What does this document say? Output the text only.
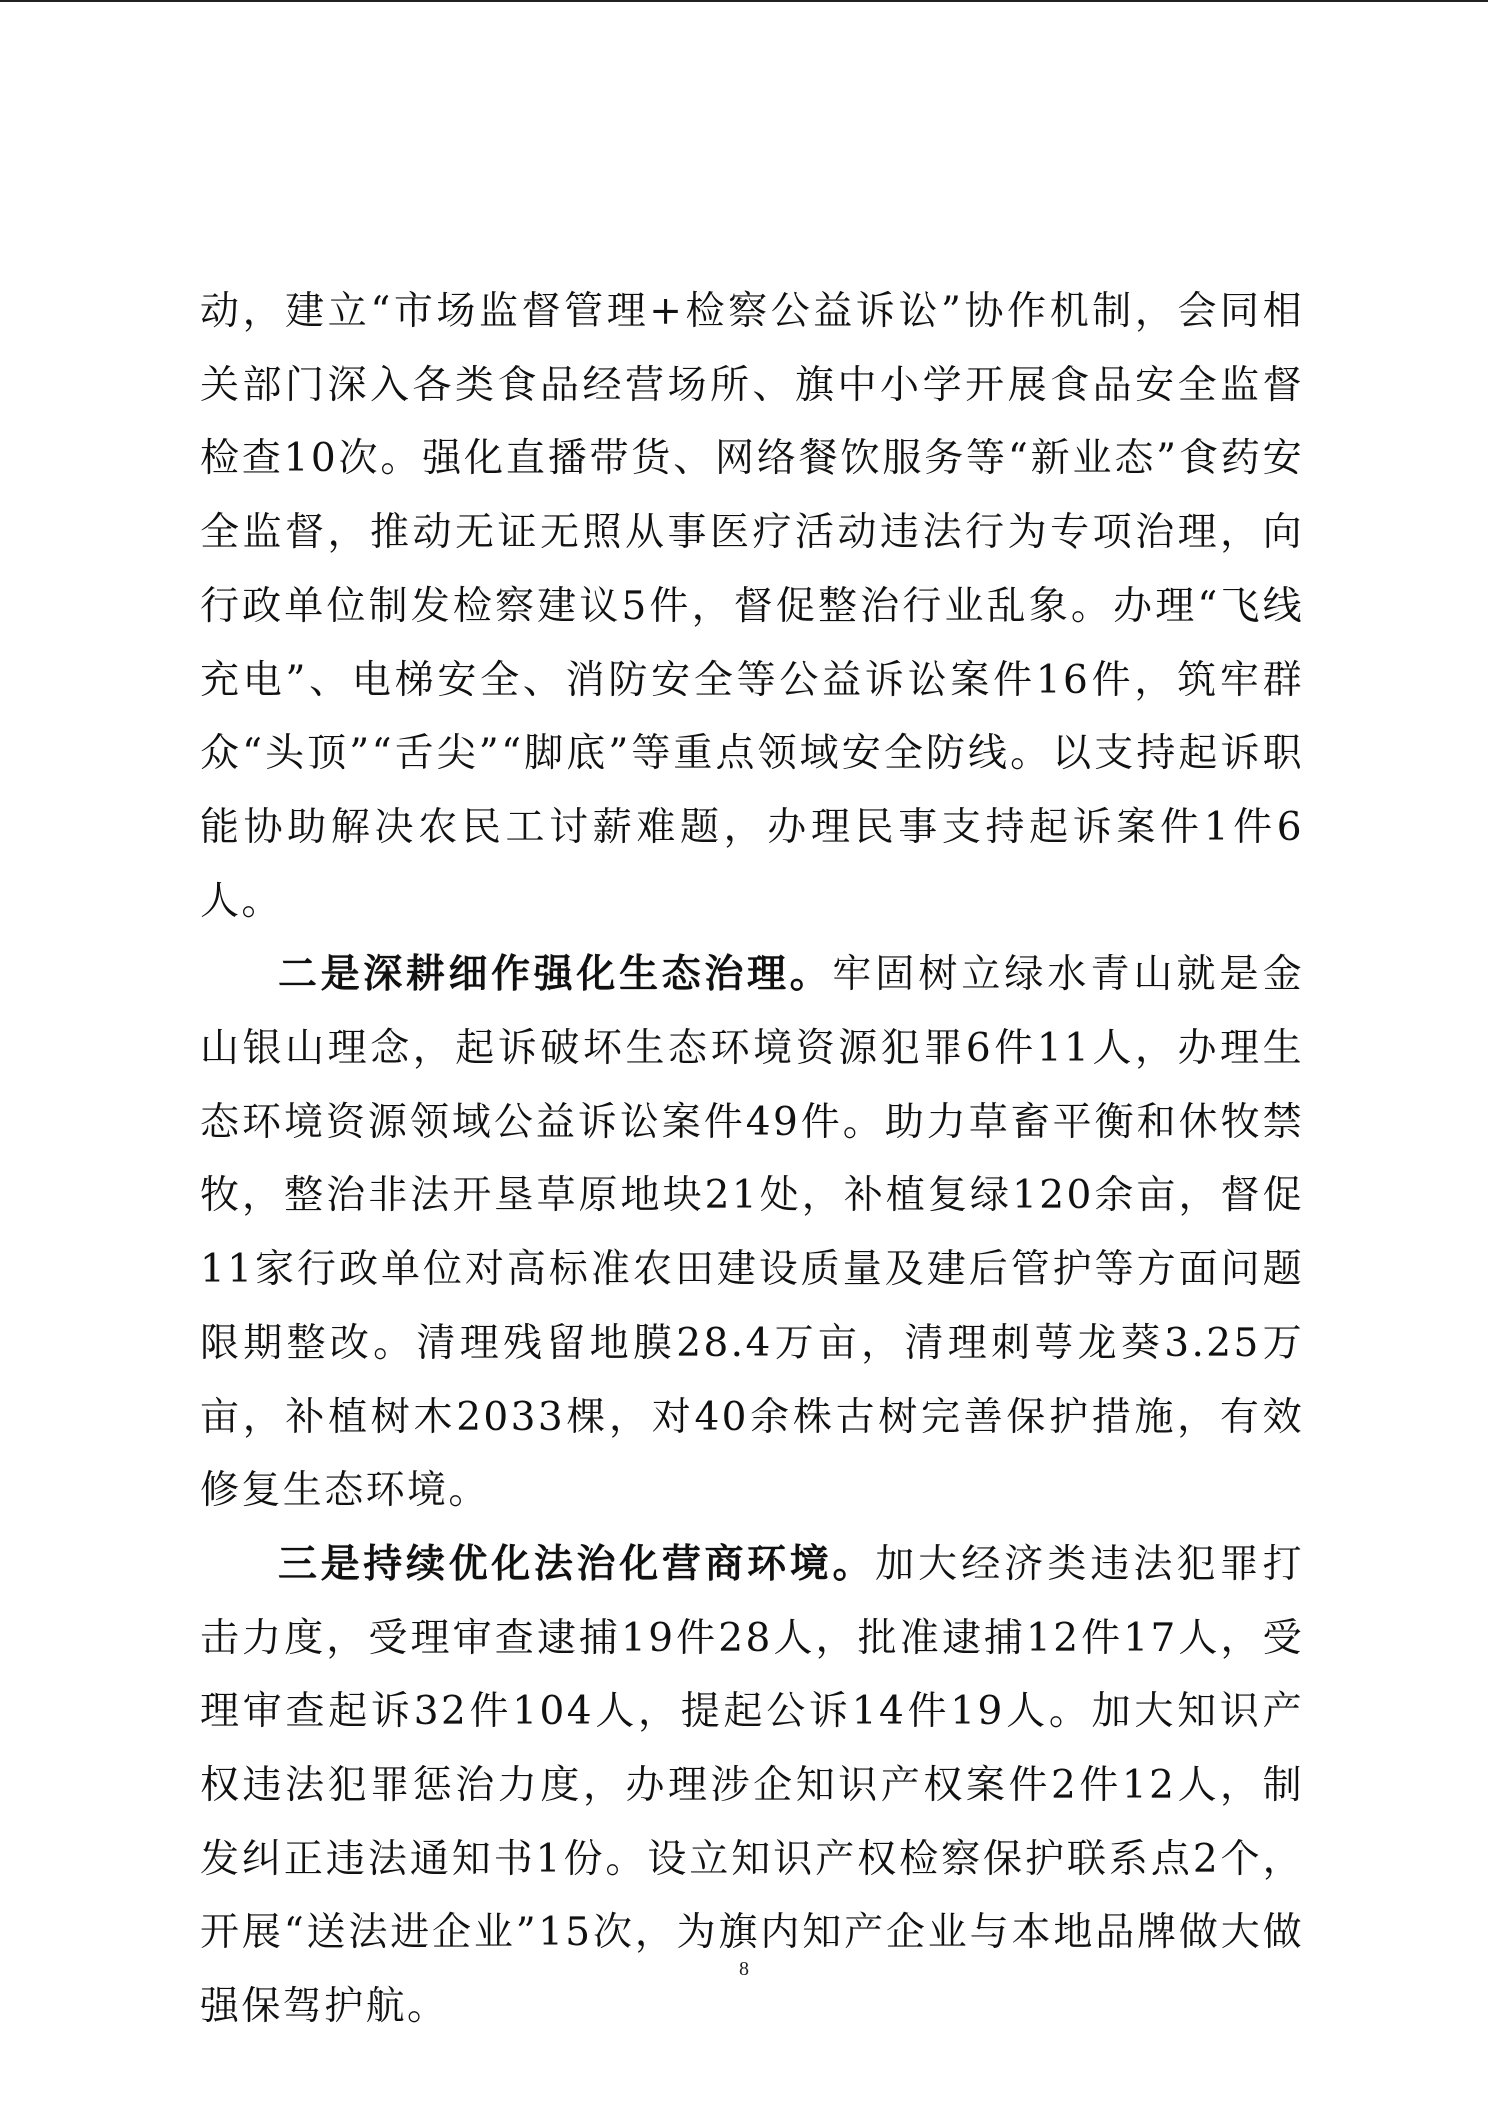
动，建立“市场监督管理+检察公益诉讼”协作机制，会同相关部门深入各类食品经营场所、旗中小学开展食品安全监督检查10次。强化直播带货、网络餐饮服务等“新业态”食药安全监督，推动无证无照从事医疗活动违法行为专项治理，向行政单位制发检察建议5件，督促整治行业乱象。办理“飞线充电”、电梯安全、消防安全等公益诉讼案件16件，筑牢群众“头顶”“舌尖”“脚底”等重点领域安全防线。以支持起诉职能协助解决农民工讨薪难题，办理民事支持起诉案件1件6人。

二是深耕细作强化生态治理。牢固树立绿水青山就是金山银山理念，起诉破坏生态环境资源犯罪6件11人，办理生态环境资源领域公益诉讼案件49件。助力草畜平衡和休牧禁牧，整治非法开垦草原地块21处，补植复绿120余亩，督促11家行政单位对高标准农田建设质量及建后管护等方面问题限期整改。清理残留地膜28.4万亩，清理刺萼龙葵3.25万亩，补植树木2033棵，对40余株古树完善保护措施，有效修复生态环境。

三是持续优化法治化营商环境。加大经济类违法犯罪打击力度，受理审查逮捕19件28人，批准逮捕12件17人，受理审查起诉32件104人，提起公诉14件19人。加大知识产权违法犯罪惩治力度，办理涉企知识产权案件2件12人，制发纠正违法通知书1份。设立知识产权检察保护联系点2个，开展“送法进企业”15次，为旗内知产企业与本地品牌做大做强保驾护航。

8
